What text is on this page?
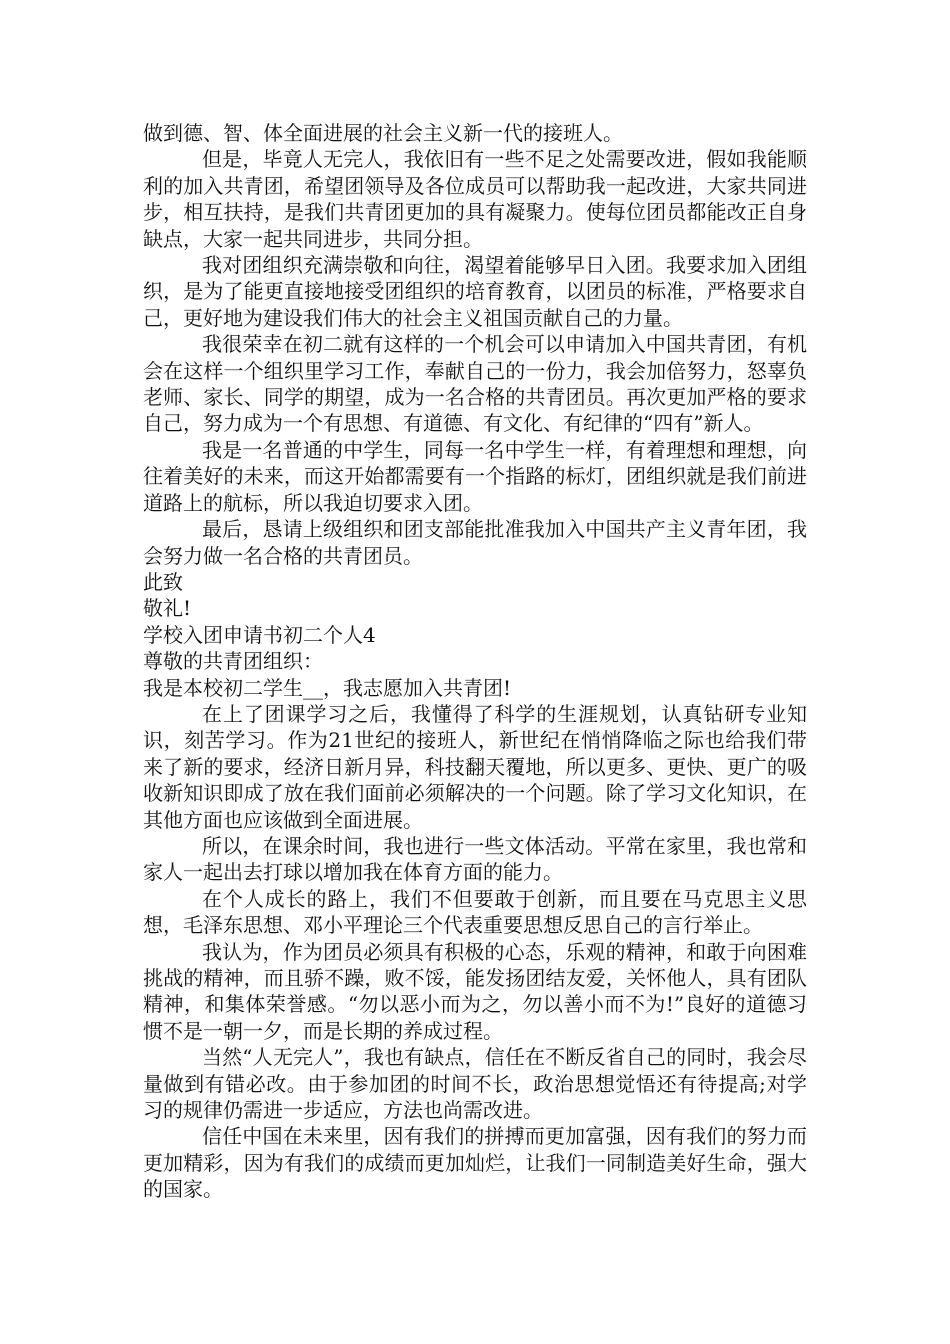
做到德、智、体全面进展的社会主义新一代的接班人。

但是，毕竟人无完人，我依旧有一些不足之处需要改进，假如我能顺利的加入共青团，希望团领导及各位成员可以帮助我一起改进，大家共同进步，相互扶持，是我们共青团更加的具有凝聚力。使每位团员都能改正自身缺点，大家一起共同进步，共同分担。

我对团组织充满崇敬和向往，渴望着能够早日入团。我要求加入团组织，是为了能更直接地接受团组织的培育教育，以团员的标准，严格要求自己，更好地为建设我们伟大的社会主义祖国贡献自己的力量。

我很荣幸在初二就有这样的一个机会可以申请加入中国共青团，有机会在这样一个组织里学习工作，奉献自己的一份力，我会加倍努力，怒辜负老师、家长、同学的期望，成为一名合格的共青团员。再次更加严格的要求自己，努力成为一个有思想、有道德、有文化、有纪律的“四有”新人。

我是一名普通的中学生，同每一名中学生一样，有着理想和理想，向往着美好的未来，而这开始都需要有一个指路的标灯，团组织就是我们前进道路上的航标，所以我迫切要求入团。

最后，恳请上级组织和团支部能批准我加入中国共产主义青年团，我会努力做一名合格的共青团员。

此致

敬礼!

学校入团申请书初二个人4

尊敬的共青团组织：

我是本校初二学生__，我志愿加入共青团!

在上了团课学习之后，我懂得了科学的生涯规划，认真钻研专业知识，刻苦学习。作为21世纪的接班人，新世纪在悄悄降临之际也给我们带来了新的要求，经济日新月异，科技翻天覆地，所以更多、更快、更广的吸收新知识即成了放在我们面前必须解决的一个问题。除了学习文化知识，在其他方面也应该做到全面进展。

所以，在课余时间，我也进行一些文体活动。平常在家里，我也常和家人一起出去打球以增加我在体育方面的能力。

在个人成长的路上，我们不但要敢于创新，而且要在马克思主义思想，毛泽东思想、邓小平理论三个代表重要思想反思自己的言行举止。

我认为，作为团员必须具有积极的心态，乐观的精神，和敢于向困难挑战的精神，而且骄不躁，败不馁，能发扬团结友爱，关怀他人，具有团队精神，和集体荣誉感。“勿以恶小而为之，勿以善小而不为!”良好的道德习惯不是一朝一夕，而是长期的养成过程。

当然“人无完人”，我也有缺点，信任在不断反省自己的同时，我会尽量做到有错必改。由于参加团的时间不长，政治思想觉悟还有待提高;对学习的规律仍需进一步适应，方法也尚需改进。

信任中国在未来里，因有我们的拼搏而更加富强，因有我们的努力而更加精彩，因为有我们的成绩而更加灿烂，让我们一同制造美好生命，强大的国家。
